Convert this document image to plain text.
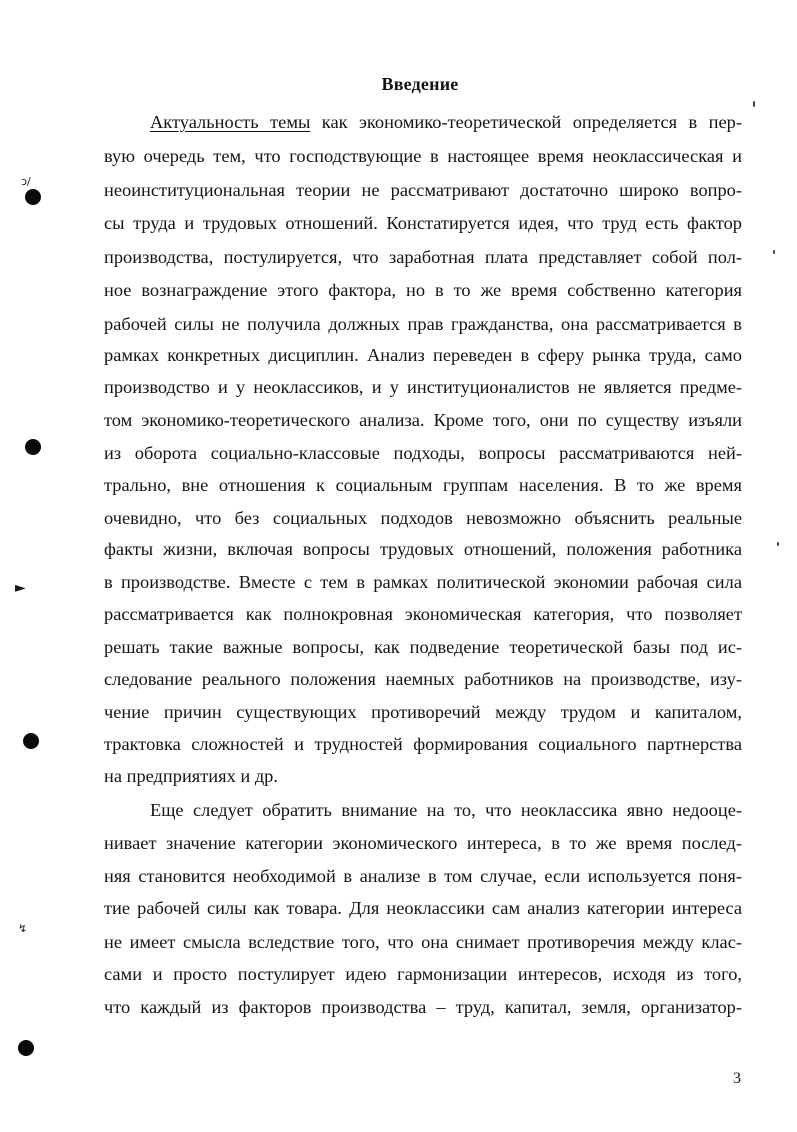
ↄ/
►
↯
Введение
Актуальность темы как экономико-теоретической определяется в пер-
вую очередь тем, что господствующие в настоящее время неоклассическая и
неоинституциональная теории не рассматривают достаточно широко вопро-
сы труда и трудовых отношений. Констатируется идея, что труд есть фактор
производства, постулируется, что заработная плата представляет собой пол-
ное вознаграждение этого фактора, но в то же время собственно категория
рабочей силы не получила должных прав гражданства, она рассматривается в
рамках конкретных дисциплин. Анализ переведен в сферу рынка труда, само
производство и у неоклассиков, и у институционалистов не является предме-
том экономико-теоретического анализа. Кроме того, они по существу изъяли
из оборота социально-классовые подходы, вопросы рассматриваются ней-
трально, вне отношения к социальным группам населения. В то же время
очевидно, что без социальных подходов невозможно объяснить реальные
факты жизни, включая вопросы трудовых отношений, положения работника
в производстве. Вместе с тем в рамках политической экономии рабочая сила
рассматривается как полнокровная экономическая категория, что позволяет
решать такие важные вопросы, как подведение теоретической базы под ис-
следование реального положения наемных работников на производстве, изу-
чение причин существующих противоречий между трудом и капиталом,
трактовка сложностей и трудностей формирования социального партнерства
на предприятиях и др.
Еще следует обратить внимание на то, что неоклассика явно недооце-
нивает значение категории экономического интереса, в то же время послед-
няя становится необходимой в анализе в том случае, если используется поня-
тие рабочей силы как товара. Для неоклассики сам анализ категории интереса
не имеет смысла вследствие того, что она снимает противоречия между клас-
сами и просто постулирует идею гармонизации интересов, исходя из того,
что каждый из факторов производства – труд, капитал, земля, организатор-
3
